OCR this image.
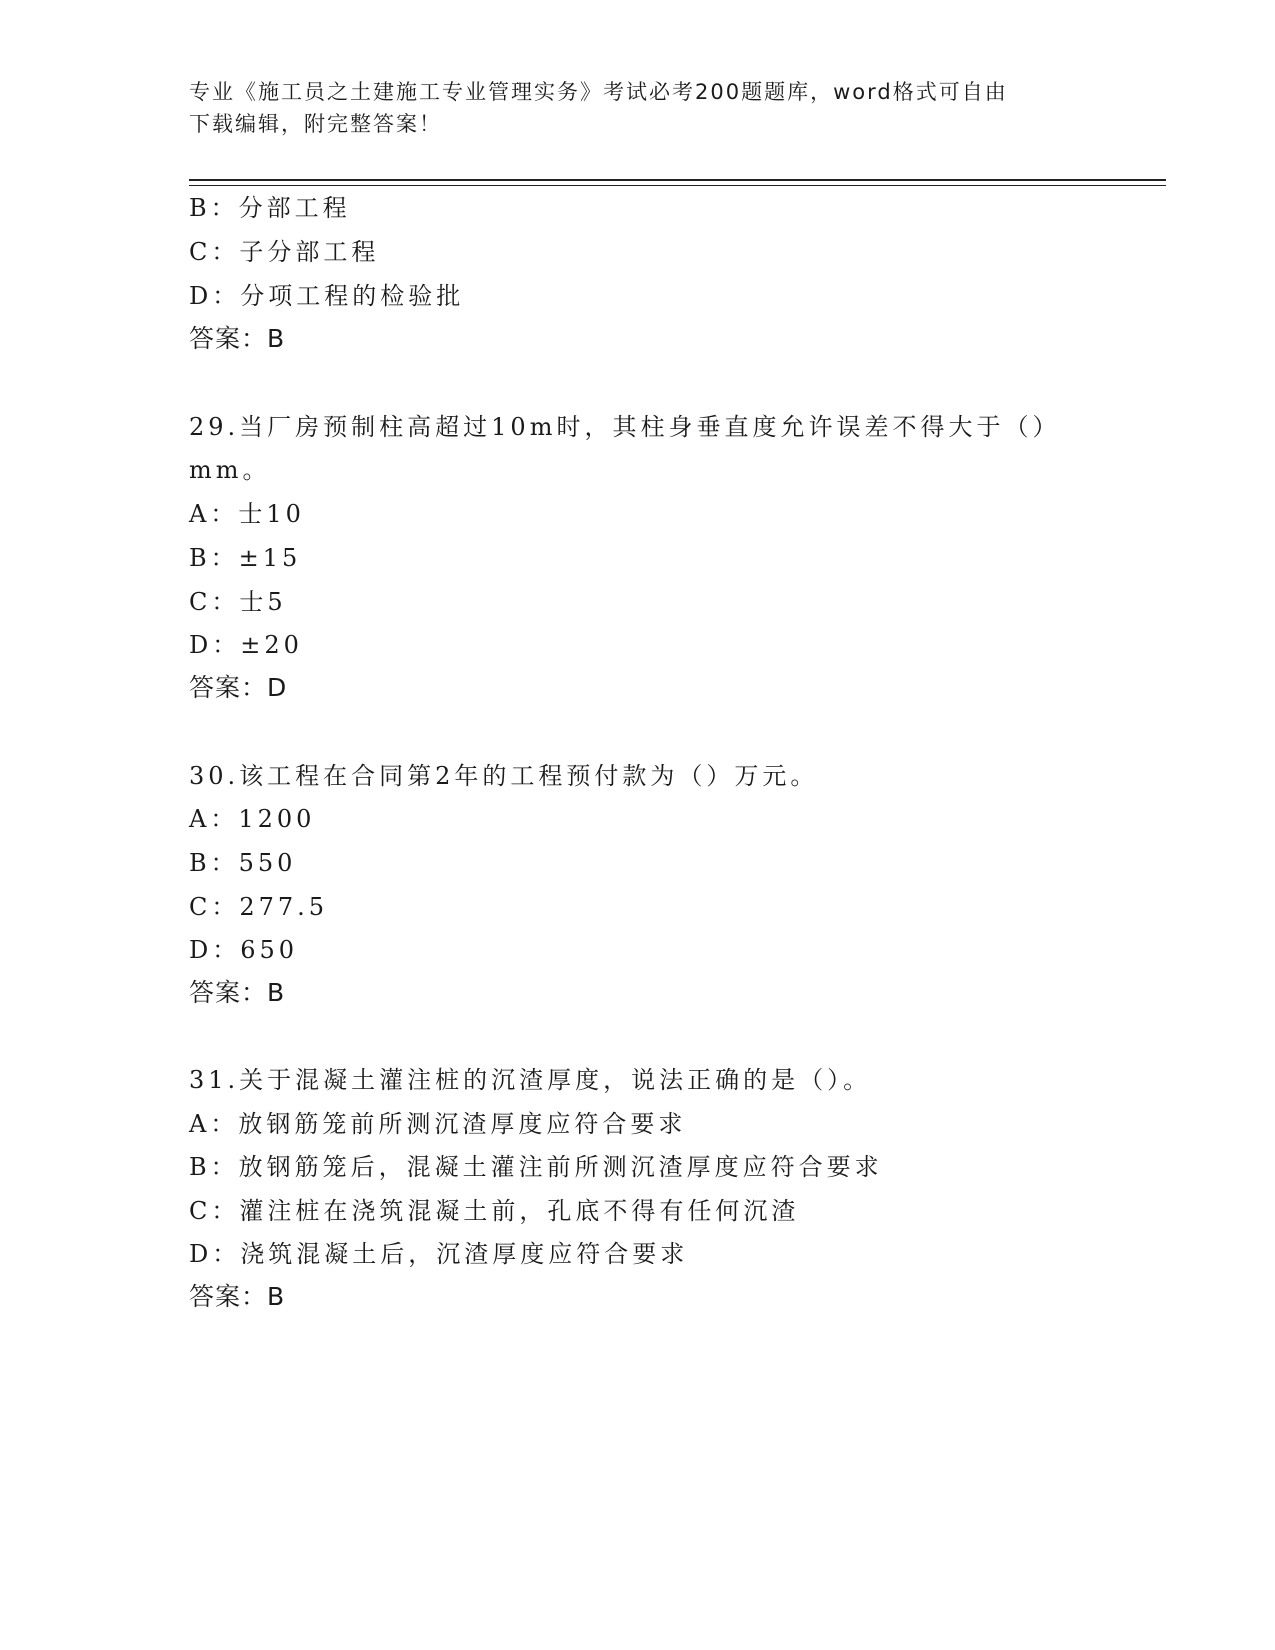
专业《施工员之土建施工专业管理实务》考试必考200题题库，word格式可自由
下载编辑，附完整答案！
B：分部工程
C：子分部工程
D：分项工程的检验批
答案：B
29.当厂房预制柱高超过10m时，其柱身垂直度允许误差不得大于（）
mm。
A：士10
B：±15
C：士5
D：±20
答案：D
30.该工程在合同第2年的工程预付款为（）万元。
A：1200
B：550
C：277.5
D：650
答案：B
31.关于混凝土灌注桩的沉渣厚度，说法正确的是（）。
A：放钢筋笼前所测沉渣厚度应符合要求
B：放钢筋笼后，混凝土灌注前所测沉渣厚度应符合要求
C：灌注桩在浇筑混凝土前，孔底不得有任何沉渣
D：浇筑混凝土后，沉渣厚度应符合要求
答案：B
